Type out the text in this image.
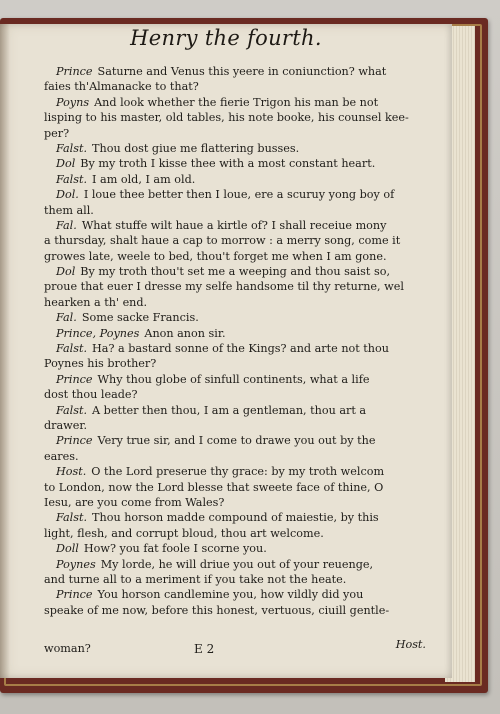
Henry the fourth.
Prince Saturne and Venus this yeere in coniunction? what
faies th'Almanacke to that?
Poyns And look whether the fierie Trigon his man be not
lisping to his master, old tables, his note booke, his counsel kee-
per?
Falst. Thou dost giue me flattering busses.
Dol By my troth I kisse thee with a most constant heart.
Falst. I am old, I am old.
Dol. I loue thee better then I loue, ere a scuruy yong boy of
them all.
Fal. What stuffe wilt haue a kirtle of? I shall receiue mony
a thursday, shalt haue a cap to morrow : a merry song, come it
growes late, weele to bed, thou't forget me when I am gone.
Dol By my troth thou't set me a weeping and thou saist so,
proue that euer I dresse my selfe handsome til thy returne, wel
hearken a th' end.
Fal. Some sacke Francis.
Prince, Poynes Anon anon sir.
Falst. Ha? a bastard sonne of the Kings? and arte not thou
Poynes his brother?
Prince Why thou globe of sinfull continents, what a life
dost thou leade?
Falst. A better then thou, I am a gentleman, thou art a
drawer.
Prince Very true sir, and I come to drawe you out by the
eares.
Host. O the Lord preserue thy grace: by my troth welcom
to London, now the Lord blesse that sweete face of thine, O
Iesu, are you come from Wales?
Falst. Thou horson madde compound of maiestie, by this
light, flesh, and corrupt bloud, thou art welcome.
Doll How? you fat foole I scorne you.
Poynes My lorde, he will driue you out of your reuenge,
and turne all to a meriment if you take not the heate.
Prince You horson candlemine you, how vildly did you
speake of me now, before this honest, vertuous, ciuill gentle-
woman?	E 2	Host.
